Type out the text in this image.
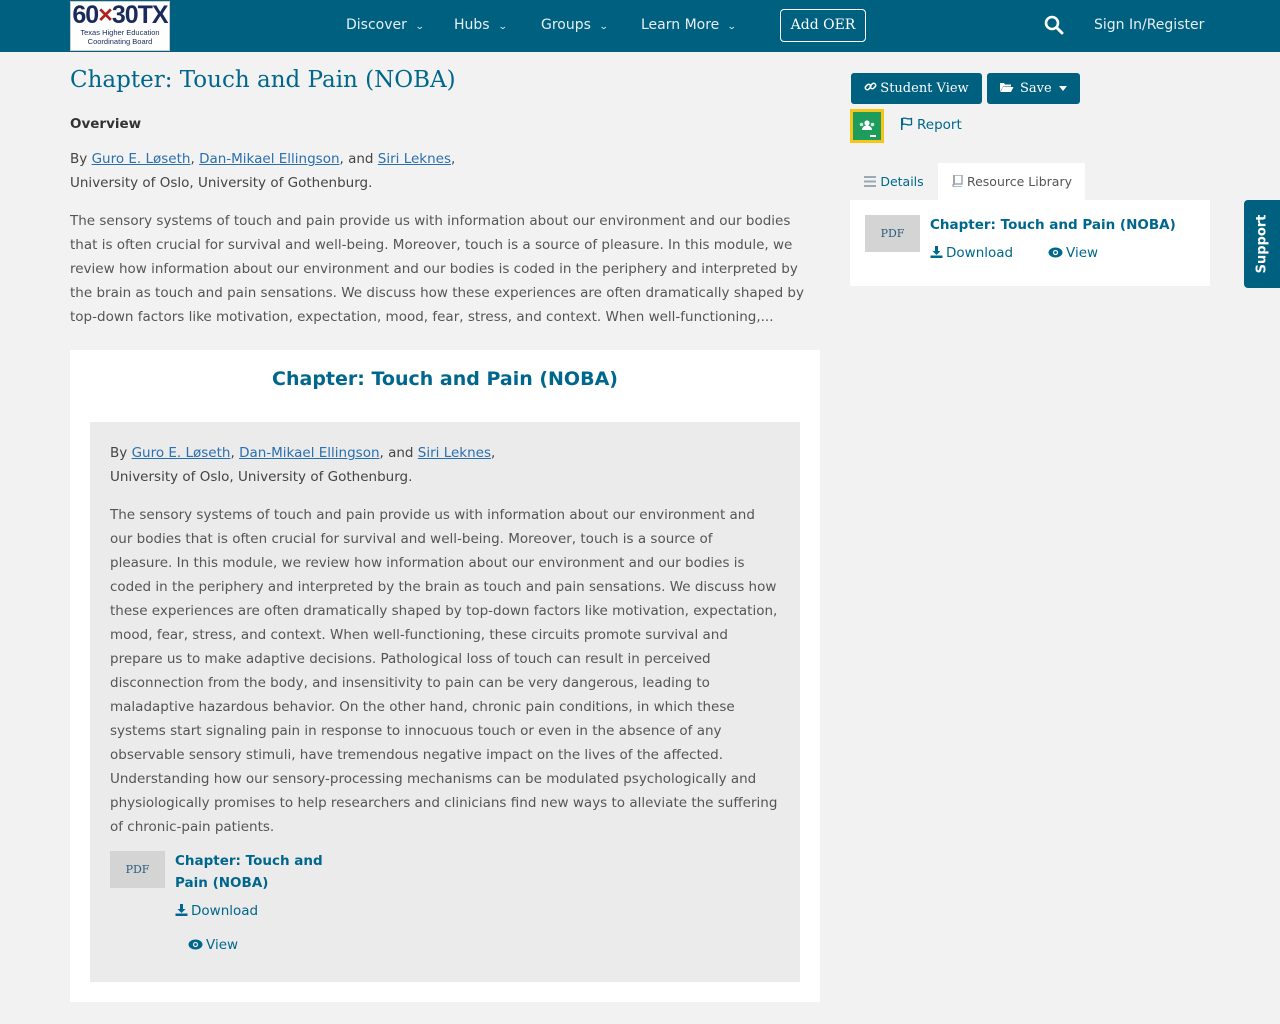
60×30TX
Texas Higher Education
Coordinating Board
Discover ⌄ Hubs ⌄ Groups ⌄ Learn More ⌄	Add OER	Sign In/Register
Chapter: Touch and Pain (NOBA)
Overview
By Guro E. Løseth, Dan-Mikael Ellingson, and Siri Leknes,
University of Oslo, University of Gothenburg.

The sensory systems of touch and pain provide us with information about our environment and our bodies that is often crucial for survival and well-being. Moreover, touch is a source of pleasure. In this module, we review how information about our environment and our bodies is coded in the periphery and interpreted by the brain as touch and pain sensations. We discuss how these experiences are often dramatically shaped by top-down factors like motivation, expectation, mood, fear, stress, and context. When well-functioning,...

Chapter: Touch and Pain (NOBA)
By Guro E. Løseth, Dan-Mikael Ellingson, and Siri Leknes,
University of Oslo, University of Gothenburg.

The sensory systems of touch and pain provide us with information about our environment and our bodies that is often crucial for survival and well-being. Moreover, touch is a source of pleasure. In this module, we review how information about our environment and our bodies is coded in the periphery and interpreted by the brain as touch and pain sensations. We discuss how these experiences are often dramatically shaped by top-down factors like motivation, expectation, mood, fear, stress, and context. When well-functioning, these circuits promote survival and prepare us to make adaptive decisions. Pathological loss of touch can result in perceived disconnection from the body, and insensitivity to pain can be very dangerous, leading to maladaptive hazardous behavior. On the other hand, chronic pain conditions, in which these systems start signaling pain in response to innocuous touch or even in the absence of any observable sensory stimuli, have tremendous negative impact on the lives of the affected. Understanding how our sensory-processing mechanisms can be modulated psychologically and physiologically promises to help researchers and clinicians find new ways to alleviate the suffering of chronic-pain patients.

PDF
Chapter: Touch and
Pain (NOBA)
Download
View
Student View	Save
Report
Details	Resource Library
PDF
Chapter: Touch and Pain (NOBA)
Download	View	Support
